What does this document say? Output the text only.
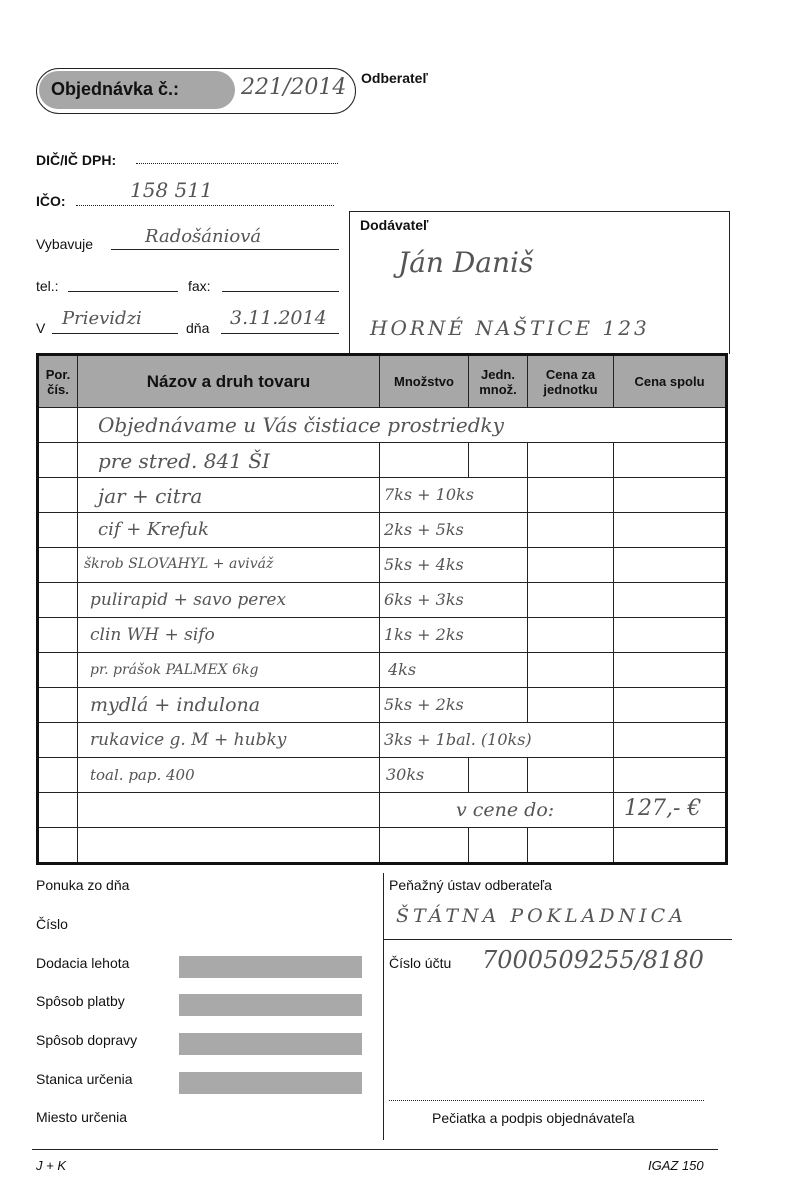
Objednávka č.:	221/2014 Odberateľ
DIČ/IČ DPH:
IČO:	158 511
Vybavuje	Radošániová
tel.:	fax:
V Prievidzi	dňa 3.11.2014
Dodávateľ
Ján Daniš
HORNÉ NAŠTICE 123
Por. čís.	Názov a druh tovaru	Množstvo	Jedn. množ.	Cena za jednotku	Cena spolu

	Objednávame u Vás čistiace prostriedky				

	pre stred. 841 ŠI				

	jar + citra	7ks + 10ks			

	cif + Krefuk	2ks + 5ks			

	škrob SLOVAHYL + aviváž	5ks + 4ks			

	pulirapid + savo perex	6ks + 3ks			

	clin WH + sifo	1ks + 2ks			

	pr. prášok PALMEX 6kg	4ks			

	mydlá + indulona	5ks + 2ks			

	rukavice g. M + hubky	3ks + 1bal. (10ks)			

	toal. pap. 400	30ks			

		v cene do:			127,- €

Ponuka zo dňa
Číslo
Dodacia lehota
Spôsob platby
Spôsob dopravy
Stanica určenia
Miesto určenia
Peňažný ústav odberateľa
ŠTÁTNA POKLADNICA
Číslo účtu 7000509255/8180
Pečiatka a podpis objednávateľa
J + K	IGAZ 150
